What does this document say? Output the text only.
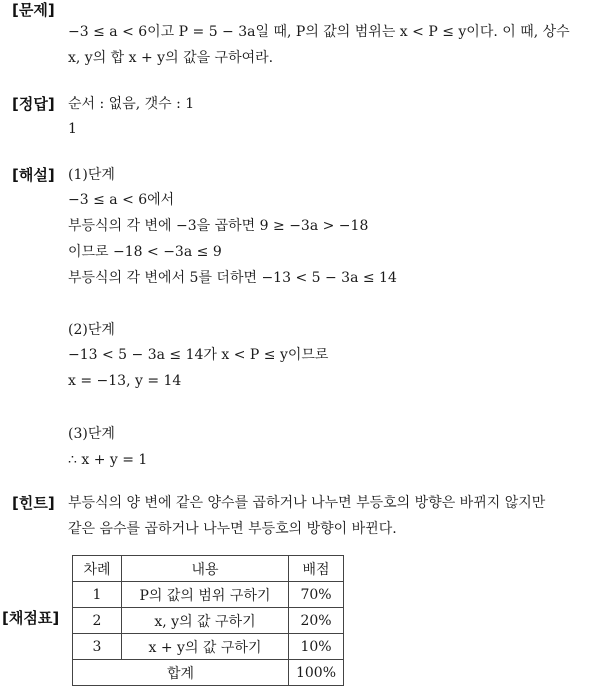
[문제]
−3 ≤ a < 6이고 P = 5 − 3a일 때, P의 값의 범위는 x < P ≤ y이다. 이 때, 상수
x, y의 합 x + y의 값을 구하여라.
[정답] 순서 : 없음, 갯수 : 1
1
[해설] (1)단계
−3 ≤ a < 6에서
부등식의 각 변에 −3을 곱하면 9 ≥ −3a > −18
이므로 −18 < −3a ≤ 9
부등식의 각 변에서 5를 더하면 −13 < 5 − 3a ≤ 14
(2)단계
−13 < 5 − 3a ≤ 14가 x < P ≤ y이므로
x = −13, y = 14
(3)단계
∴ x + y = 1
[힌트] 부등식의 양 변에 같은 양수를 곱하거나 나누면 부등호의 방향은 바뀌지 않지만
같은 음수를 곱하거나 나누면 부등호의 방향이 바뀐다.
[채점표]
차례	내용	배점
1	P의 값의 범위 구하기	70%
2	x, y의 값 구하기	20%
3	x + y의 값 구하기	10%
합계		100%
